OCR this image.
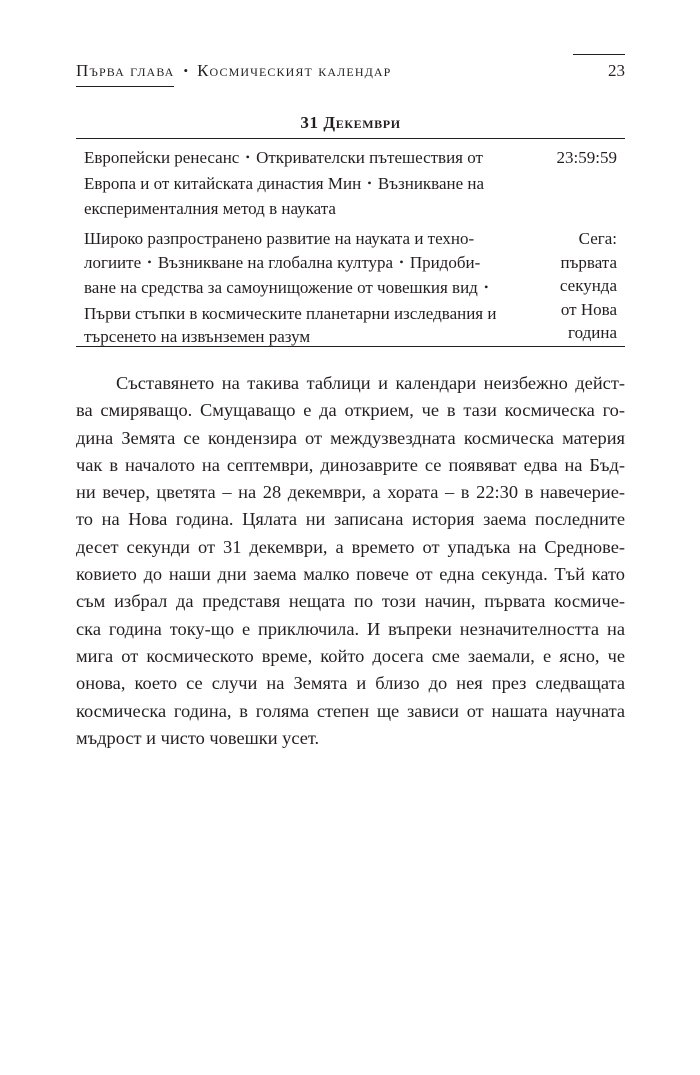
Първа глава • Космическият календар	23
31 Декември
Европейски ренесанс • Откривателски пътешествия от
Европа и от китайската династия Мин • Възникване на
експерименталния метод в науката
23:59:59
Широко разпространено развитие на науката и техно-
логиите • Възникване на глобална култура • Придоби-
ване на средства за самоунищожение от човешкия вид •
Първи стъпки в космическите планетарни изследвания и
търсенето на извънземен разум
Сега:
първата
секунда
от Нова
година
Съставянето на такива таблици и календари неизбежно дейст-
ва смиряващо. Смущаващо е да открием, че в тази космическа го-
дина Земята се кондензира от междузвездната космическа материя
чак в началото на септември, динозаврите се появяват едва на Бъд-
ни вечер, цветята – на 28 декември, а хората – в 22:30 в навечерие-
то на Нова година. Цялата ни записана история заема последните
десет секунди от 31 декември, а времето от упадъка на Среднове-
ковието до наши дни заема малко повече от една секунда. Тъй като
съм избрал да представя нещата по този начин, първата космиче-
ска година току-що е приключила. И въпреки незначителността на
мига от космическото време, който досега сме заемали, е ясно, че
онова, което се случи на Земята и близо до нея през следващата
космическа година, в голяма степен ще зависи от нашата научната
мъдрост и чисто човешки усет.
